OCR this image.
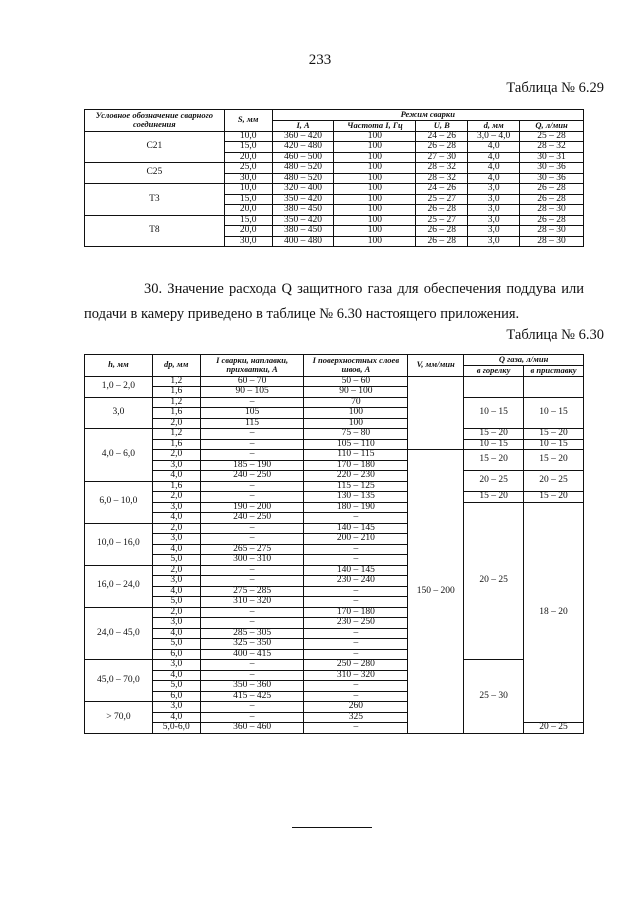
233
Таблица № 6.29
Условное обозначение сварного соединения	S, мм	Режим сварки				
		I, А	Частота I, Гц	U, В	d, мм	Q, л/мин
С21	10,0	360 – 420	100	24 – 26	3,0 – 4,0	25 – 28
	15,0	420 – 480	100	26 – 28	4,0	28 – 32
	20,0	460 – 500	100	27 – 30	4,0	30 – 31
С25	25,0	480 – 520	100	28 – 32	4,0	30 – 36
	30,0	480 – 520	100	28 – 32	4,0	30 – 36
Т3	10,0	320 – 400	100	24 – 26	3,0	26 – 28
	15,0	350 – 420	100	25 – 27	3,0	26 – 28
	20,0	380 – 450	100	26 – 28	3,0	28 – 30
Т8	15,0	350 – 420	100	25 – 27	3,0	26 – 28
	20,0	380 – 450	100	26 – 28	3,0	28 – 30
	30,0	400 – 480	100	26 – 28	3,0	28 – 30

30. Значение расхода Q защитного газа для обеспечения поддува или подачи в камеру приведено в таблице № 6.30 настоящего приложения.

Таблица № 6.30
h, мм	dp, мм	I сварки, наплавки, прихватки, А	I поверхностных слоев швов, А	V, мм/мин	Q газа, л/мин	
					в горелку	в приставку
1,0 – 2,0	1,2	60 – 70	50 – 60			
	1,6	90 – 105	90 – 100			
3,0	1,2	–	70		10 – 15	10 – 15
	1,6	105	100			
	2,0	115	100			
4,0 – 6,0	1,2	–	75 – 80		15 – 20	15 – 20
	1,6	–	105 – 110		10 – 15	10 – 15
	2,0	–	110 – 115	150 – 200	15 – 20	15 – 20
	3,0	185 – 190	170 – 180			
	4,0	240 – 250	220 – 230		20 – 25	20 – 25
6,0 – 10,0	1,6	–	115 – 125			
	2,0	–	130 – 135		15 – 20	15 – 20
	3,0	190 – 200	180 – 190		20 – 25	18 – 20
	4,0	240 – 250	–			
10,0 – 16,0	2,0	–	140 – 145			
	3,0	–	200 – 210			
	4,0	265 – 275	–			
	5,0	300 – 310	–			
16,0 – 24,0	2,0	–	140 – 145			
	3,0	–	230 – 240			
	4,0	275 – 285	–			
	5,0	310 – 320	–			
24,0 – 45,0	2,0	–	170 – 180			
	3,0	–	230 – 250			
	4,0	285 – 305	–			
	5,0	325 – 350	–			
	6,0	400 – 415	–			
45,0 – 70,0	3,0	–	250 – 280		25 – 30	
	4,0	–	310 – 320			
	5,0	350 – 360	–			
	6,0	415 – 425	–			
> 70,0	3,0	–	260			
	4,0	–	325			
	5,0-6,0	360 – 460	–			20 – 25
